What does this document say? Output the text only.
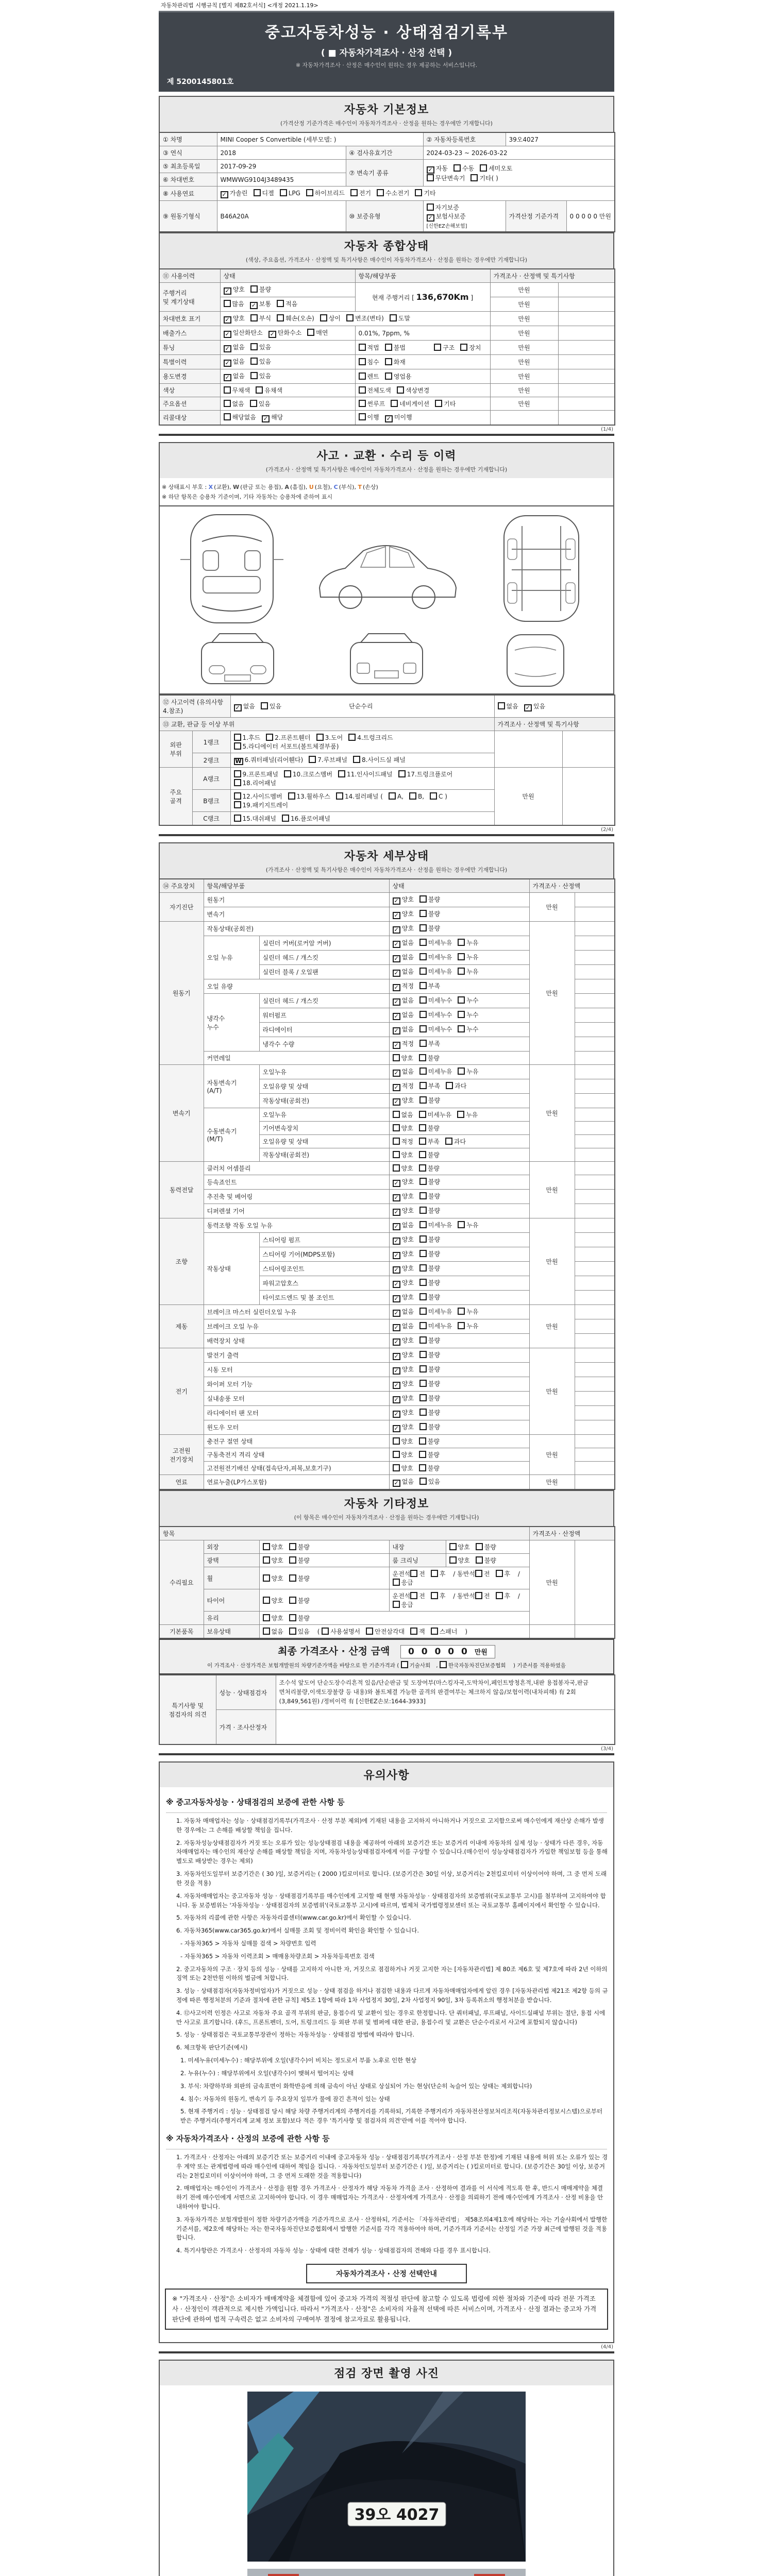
자동차관리법 시행규칙 [별지 제82호서식] <개정 2021.1.19>
중고자동차성능 · 상태점검기록부
( ■ 자동차가격조사 · 산정 선택 )
※ 자동차가격조사 · 산정은 매수인이 원하는 경우 제공하는 서비스입니다.
제 5200145801호
자동차 기본정보
(가격산정 기준가격은 매수인이 자동차가격조사 · 산정을 원하는 경우에만 기재합니다)
① 차명	MINI Cooper S Convertible (세부모델: )		② 자동차등록번호	39오4027	
③ 연식	2018	④ 검사유효기간	2024-03-23 ~ 2026-03-22		
⑤ 최초등록일	2017-09-29	⑦ 변속기 종류	✓ 자동 수동 세미오토
무단변속기 기타( )		
⑥ 차대번호	WMWWG9104J3489435				
⑧ 사용연료	✓ 가솔린 디젤 LPG 하이브리드 전기 수소전기 기타				
⑨ 원동기형식	B46A20A	⑩ 보증유형	자기보증✓ 보험사보증 [신한EZ손해보험]	가격산정 기준가격	0 0 0 0 0 만원
자동차 종합상태
(색상, 주요옵션, 가격조사 · 산정액 및 특기사항은 매수인이 자동차가격조사 · 산정을 원하는 경우에만 기재합니다)
⑪ 사용이력	상태	항목/해당부품	가격조사 · 산정액 및 특기사항	
주행거리
및 계기상태	✓ 양호 불량	현재 주행거리 [ 136,670Km ]	만원	
	많음 ✓ 보통 적음		만원	
차대번호 표기	✓ 양호 부식 훼손(오손) 상이 변조(변타) 도말		만원	
배출가스	✓ 일산화탄소 ✓ 탄화수소 매연	0.01%, 7ppm, %	만원	
튜닝	✓ 없음 있음	적법 불법 구조 장치	만원	
특별이력	✓ 없음 있음	침수 화재	만원	
용도변경	✓ 없음 있음	렌트 영업용	만원	
색상	무채색 유채색	전체도색 색상변경	만원	
주요옵션	없음 있음	썬루프 네비게이션 기타	만원	
리콜대상	해당없음 ✓ 해당	이행 ✓ 미이행		
(1/4)
사고 · 교환 · 수리 등 이력
(가격조사 · 산정액 및 특기사항은 매수인이 자동차가격조사 · 산정을 원하는 경우에만 기재합니다)
※ 상태표시 부호 : X (교환), W (판금 또는 용접), A (흠집), U (요철), C (부식), T (손상)
※ 하단 항목은 승용차 기준이며, 기타 자동차는 승용차에 준하여 표시
⑫ 사고이력 (유의사항 4.참조)		✓ 없음 있음 단순수리	없음 ✓ 있음	
⑬ 교환, 판금 등 이상 부위			가격조사 · 산정액 및 특기사항	
외판
부위	1랭크	1.후드 2.프론트휀더 3.도어 4.트렁크리드
5.라디에이터 서포트(볼트체결부품)		
	2랭크	W 6.쿼터패널(리어휀다) 7.루브패널 8.사이드실 패널		
주요
골격	A랭크	9.프론트패널 10.크로스멤버 11.인사이드패널 17.트렁크플로어
18.리어패널	만원	
	B랭크	12.사이드멤버 13.휠하우스 14.필러패널 ( A, B, C )
19.패키지트레이		
	C랭크	15.대쉬패널 16.플로어패널		
(2/4)
자동차 세부상태
(가격조사 · 산정액 및 특기사항은 매수인이 자동차가격조사 · 산정을 원하는 경우에만 기재합니다)
⑭ 주요장치	항목/해당부품		상태	가격조사 · 산정액	
자기진단	원동기		✓ 양호 불량	만원	
	변속기		✓ 양호 불량		
원동기	작동상태(공회전)		✓ 양호 불량	만원	
	오일 누유	실린더 커버(로커암 커버)	✓ 없음 미세누유 누유		
		실린더 헤드 / 개스킷	✓ 없음 미세누유 누유		
		실린더 블록 / 오일팬	✓ 없음 미세누유 누유		
	오일 유량		✓ 적정 부족		
	냉각수
누수	실린더 헤드 / 개스킷	✓ 없음 미세누수 누수		
		워터펌프	✓ 없음 미세누수 누수		
		라디에이터	✓ 없음 미세누수 누수		
		냉각수 수량	✓ 적정 부족		
	커먼레일		양호 불량		
변속기	자동변속기
(A/T)	오일누유	✓ 없음 미세누유 누유	만원	
		오일유량 및 상태	✓ 적정 부족 과다		
		작동상태(공회전)	✓ 양호 불량		
	수동변속기
(M/T)	오일누유	없음 미세누유 누유		
		기어변속장치	양호 불량		
		오일유량 및 상태	적정 부족 과다		
		작동상태(공회전)	양호 불량		
동력전달	클러치 어셈블리		양호 불량	만원	
	등속죠인트		✓ 양호 불량		
	추진축 및 베어링		✓ 양호 불량		
	디퍼렌셜 기어		✓ 양호 불량		
조향	동력조향 작동 오일 누유		✓ 없음 미세누유 누유	만원	
	작동상태	스티어링 펌프	✓ 양호 불량		
		스티어링 기어(MDPS포함)	✓ 양호 불량		
		스티어링조인트	✓ 양호 불량		
		파워고압호스	✓ 양호 불량		
		타이로드엔드 및 볼 조인트	✓ 양호 불량		
제동	브레이크 마스터 실린더오일 누유		✓ 없음 미세누유 누유	만원	
	브레이크 오일 누유		✓ 없음 미세누유 누유		
	배력장치 상태		✓ 양호 불량		
전기	발전기 출력		✓ 양호 불량	만원	
	시동 모터		✓ 양호 불량		
	와이퍼 모터 기능		✓ 양호 불량		
	실내송풍 모터		✓ 양호 불량		
	라디에이터 팬 모터		✓ 양호 불량		
	윈도우 모터		✓ 양호 불량		
고전원
전기장치	충전구 절연 상태		양호 불량	만원	
	구동축전지 격리 상태		양호 불량		
	고전원전기배선 상태(접속단자,피복,보호기구)		양호 불량		
연료	연료누출(LP가스포함)		✓ 없음 있음	만원	
자동차 기타정보
(이 항목은 매수인이 자동차가격조사 · 산정을 원하는 경우에만 기재합니다)
항목					가격조사 · 산정액	
수리필요	외장	양호 불량	내장	양호 불량	만원	
	광택	양호 불량	룸 크리닝	양호 불량		
	휠	양호 불량	운전석 전 후 / 동반석 전 후 / 응급			
	타이어	양호 불량	운전석 전 후 / 동반석 전 후 / 응급			
	유리	양호 불량				
기본품목	보유상태	없음 있음 ( 사용설명서 안전삼각대 잭 스패너 )				
최종 가격조사 · 산정 금액 0 0 0 0 0 만원
이 가격조사 · 산정가격은 보험개발원의 차량기준가액을 바탕으로 한 기준가격과 ( 기술사회 , 한국자동차진단보증협회 ) 기준서를 적용하였음
특기사항 및
점검자의 의견	성능 · 상태점검자	조수석 앞도어 단순도장수리흔적 있음/단순판금 및 도장여부(마스킹자국,도막차이,페인트방청흔적,내판 용접봉자국,판금 면처리불량,이색도장불량 등 내용)와 볼트체결 가능한 골격의 판결여부는 체크하지 않음/보험이력(내차피해) 有 2회 (3,849,561원) /정비이력 有 [신한EZ손보:1644-3933]
	가격 · 조사산정자	
(3/4)
유의사항
※ 중고자동차성능 · 상태점검의 보증에 관한 사항 등
1. 자동차 매매업자는 성능 · 상태점검기록부(가격조사 · 산정 부분 제외)에 기재된 내용을 고지하지 아니하거나 거짓으로 고지함으로써 매수인에게 재산상 손해가 발생한 경우에는 그 손해를 배상할 책임을 집니다.
2. 자동차성능상태점검자가 거짓 또는 오류가 있는 성능상태점검 내용을 제공하여 아래의 보증기간 또는 보증거리 이내에 자동차의 실제 성능 · 상태가 다른 경우, 자동차매매업자는 매수인의 재산상 손해를 배상할 책임을 지며, 자동차성능상태점검자에게 이를 구상할 수 있습니다.(매수인이 성능상태점검자가 가입한 책임보험 등을 통해 별도로 배상받는 경우는 제외)
3. 자동차인도일부터 보증기간은 ( 30 )일, 보증거리는 ( 2000 )킬로미터로 합니다. (보증기간은 30일 이상, 보증거리는 2천킬로미터 이상이어야 하며, 그 중 먼저 도래한 것을 적용)
4. 자동차매매업자는 중고자동차 성능 · 상태점검기록부를 매수인에게 고지할 때 현행 자동차성능 · 상태점검자의 보증범위(국토교통부 고시)를 첨부하여 고지하여야 합니다. 동 보증범위는 '자동차성능 · 상태점검자의 보증범위'(국토교통부 고시)에 따르며, 법제처 국가법령정보센터 또는 국토교통부 홈페이지에서 확인할 수 있습니다.
5. 자동차의 리콜에 관한 사항은 자동차리콜센터(www.car.go.kr)에서 확인할 수 있습니다.
6. 자동차365(www.car365.go.kr)에서 실매물 조회 및 정비이력 확인을 확인할 수 있습니다.
- 자동차365 > 자동차 실매물 검색 > 차량번호 입력
- 자동차365 > 자동차 이력조회 > 매매용차량조회 > 자동차등록번호 검색
2. 중고자동차의 구조 · 장치 등의 성능 · 상태를 고지하지 아니한 자, 거짓으로 점검하거나 거짓 고지한 자는 [자동차관리법] 제 80조 제6호 및 제7호에 따라 2년 이하의 징역 또는 2천만원 이하의 벌금에 처합니다.
3. 성능 · 상태점검자(자동차정비업자)가 거짓으로 성능 · 상태 점검을 하거나 점검한 내용과 다르게 자동차매매업자에게 알린 경우 [자동차관리법 제21조 제2항 등의 규정에 따른 행정처분의 기준과 절차에 관한 규칙] 제5조 1항에 따라 1차 사업정지 30일, 2차 사업정지 90일, 3차 등록취소의 행정처분을 받습니다.
4. ⑫사고이력 인정은 사고로 자동차 주요 골격 부위의 판금, 용접수리 및 교환이 있는 경우로 한정합니다. 단 쿼터패널, 루프패널, 사이드실패널 부위는 절단, 용접 시에만 사고로 표기합니다. (후드, 프론트펜더, 도어, 트렁크리드 등 외판 부위 및 범퍼에 대한 판금, 용접수리 및 교환은 단순수리로서 사고에 포함되지 않습니다)
5. 성능 · 상태점검은 국토교통부장관이 정하는 자동차성능 · 상태점검 방법에 따라야 합니다.
6. 체크항목 판단기준(예시)
1. 미세누유(미세누수) : 해당부위에 오일(냉각수)이 비치는 정도로서 부품 노후로 인한 현상
2. 누유(누수) : 해당부위에서 오일(냉각수)이 맺혀서 떨어지는 상태
3. 부식: 차량하부와 외판의 금속표면이 화학반응에 의해 금속이 아닌 상태로 상실되어 가는 현상(단순히 녹슬어 있는 상태는 제외합니다)
4. 침수: 자동차의 원동기, 변속기 등 주요장치 일부가 물에 잠긴 흔적이 있는 상태
5. 현재 주행거리 : 성능 · 상태점검 당시 해당 차량 주행거리계의 주행거리를 기록하되, 기록한 주행거리가 자동차전산정보처리조직(자동차관리정보시스템)으로부터 받은 주행거리(주행거리계 교체 정보 포함)보다 적은 경우 '특기사항 및 점검자의 의견'란에 이를 적어야 합니다.
※ 자동차가격조사 · 산정의 보증에 관한 사항 등
1. 가격조사 · 산정자는 아래의 보증기간 또는 보증거리 이내에 중고자동차 성능 · 상태점검기록부(가격조사 · 산정 부분 한정)에 기재된 내용에 허위 또는 오류가 있는 경우 계약 또는 관계법령에 따라 매수인에 대하여 책임을 집니다. · 자동차인도일부터 보증기간은 ( )일, 보증거리는 ( )킬로미터로 합니다. (보증기간은 30일 이상, 보증거리는 2천킬로미터 이상이어야 하며, 그 중 먼저 도래한 것을 적용합니다)
2. 매매업자는 매수인이 가격조사 · 산정을 원할 경우 가격조사 · 산정자가 해당 자동차 가격을 조사 · 산정하여 결과를 이 서식에 적도록 한 후, 반드시 매매계약을 체결하기 전에 매수인에게 서면으로 고지하여야 합니다. 이 경우 매매업자는 가격조사 · 산정자에게 가격조사 · 산정을 의뢰하기 전에 매수인에게 가격조사 · 산정 비용을 안내하여야 합니다.
3. 자동차가격은 보험개발원이 정한 차량기준가액을 기준가격으로 조사 · 산정하되, 기준서는 「자동차관리법」 제58조의4제1호에 해당하는 자는 기술사회에서 발행한 기준서를, 제2호에 해당하는 자는 한국자동차진단보증협회에서 발행한 기준서를 각각 적용하여야 하며, 기준가격과 기준서는 산정일 기준 가장 최근에 발행된 것을 적용합니다.
4. 특기사항란은 가격조사 · 산정자의 자동차 성능 · 상태에 대한 견해가 성능 · 상태점검자의 견해와 다를 경우 표시합니다.
자동차가격조사 · 산정 선택안내
※ "가격조사 · 산정"은 소비자가 매매계약을 체결함에 있어 중고차 가격의 적절성 판단에 참고할 수 있도록 법령에 의한 절차와 기준에 따라 전문 가격조사 · 산정인이 객관적으로 제시한 가액입니다. 따라서 "가격조사 · 산정"은 소비자의 자율적 선택에 따른 서비스이며, 가격조사 · 산정 결과는 중고차 가격판단에 관하여 법적 구속력은 없고 소비자의 구매여부 결정에 참고자료로 활용됩니다.
(4/4)
점검 장면 촬영 사진
39오 4027
